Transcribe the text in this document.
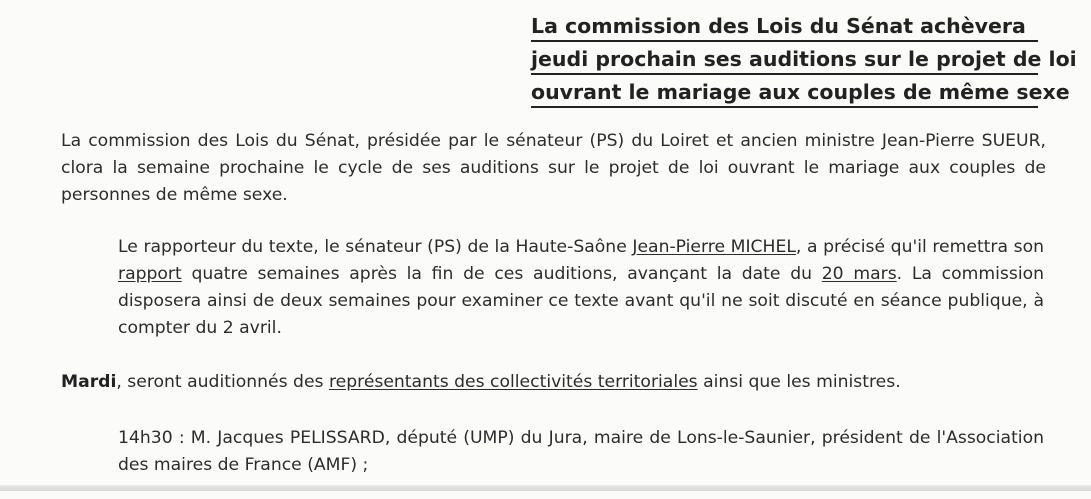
La commission des Lois du Sénat achèvera
jeudi prochain ses auditions sur le projet de loi
ouvrant le mariage aux couples de même sexe

La commission des Lois du Sénat, présidée par le sénateur (PS) du Loiret et ancien ministre Jean-Pierre SUEUR, clora la semaine prochaine le cycle de ses auditions sur le projet de loi ouvrant le mariage aux couples de personnes de même sexe.

Le rapporteur du texte, le sénateur (PS) de la Haute-Saône Jean-Pierre MICHEL, a précisé qu'il remettra son rapport quatre semaines après la fin de ces auditions, avançant la date du 20 mars. La commission disposera ainsi de deux semaines pour examiner ce texte avant qu'il ne soit discuté en séance publique, à compter du 2 avril.

Mardi, seront auditionnés des représentants des collectivités territoriales ainsi que les ministres.

14h30 : M. Jacques PELISSARD, député (UMP) du Jura, maire de Lons-le-Saunier, président de l'Association des maires de France (AMF) ;
